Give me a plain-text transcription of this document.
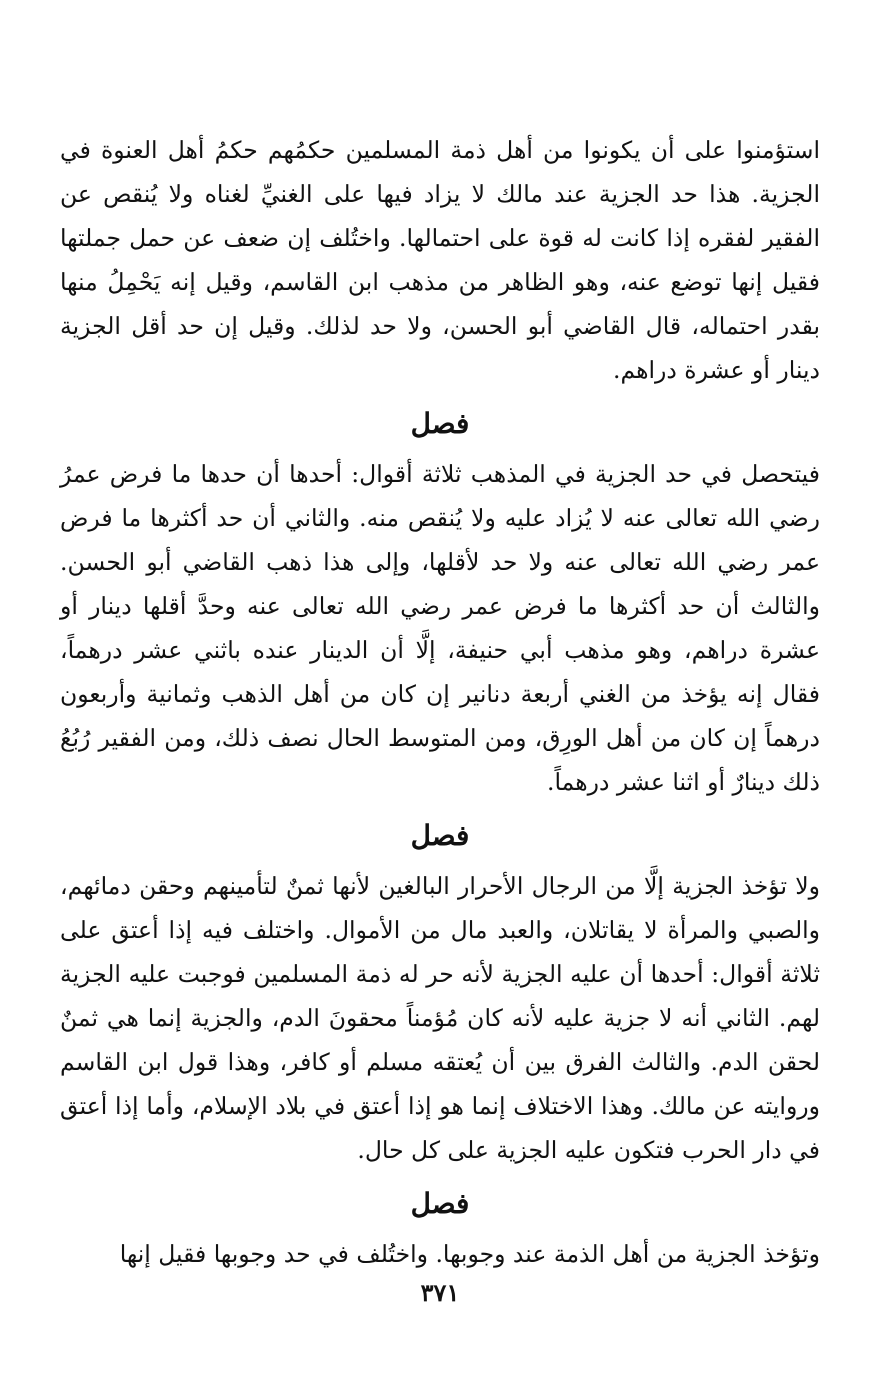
استؤمنوا على أن يكونوا من أهل ذمة المسلمين حكمُهم حكمُ أهل العنوة في الجزية. هذا حد الجزية عند مالك لا يزاد فيها على الغنيِّ لغناه ولا يُنقص عن الفقير لفقره إذا كانت له قوة على احتمالها. واختُلف إن ضعف عن حمل جملتها فقيل إنها توضع عنه، وهو الظاهر من مذهب ابن القاسم، وقيل إنه يَحْمِلُ منها بقدر احتماله، قال القاضي أبو الحسن، ولا حد لذلك. وقيل إن حد أقل الجزية دينار أو عشرة دراهم.

فصل

فيتحصل في حد الجزية في المذهب ثلاثة أقوال: أحدها أن حدها ما فرض عمرُ رضي الله تعالى عنه لا يُزاد عليه ولا يُنقص منه. والثاني أن حد أكثرها ما فرض عمر رضي الله تعالى عنه ولا حد لأقلها، وإلى هذا ذهب القاضي أبو الحسن. والثالث أن حد أكثرها ما فرض عمر رضي الله تعالى عنه وحدَّ أقلها دينار أو عشرة دراهم، وهو مذهب أبي حنيفة، إلَّا أن الدينار عنده باثني عشر درهماً، فقال إنه يؤخذ من الغني أربعة دنانير إن كان من أهل الذهب وثمانية وأربعون درهماً إن كان من أهل الورِق، ومن المتوسط الحال نصف ذلك، ومن الفقير رُبُعُ ذلك دينارٌ أو اثنا عشر درهماً.

فصل

ولا تؤخذ الجزية إلَّا من الرجال الأحرار البالغين لأنها ثمنٌ لتأمينهم وحقن دمائهم، والصبي والمرأة لا يقاتلان، والعبد مال من الأموال. واختلف فيه إذا أعتق على ثلاثة أقوال: أحدها أن عليه الجزية لأنه حر له ذمة المسلمين فوجبت عليه الجزية لهم. الثاني أنه لا جزية عليه لأنه كان مُؤمناً محقونَ الدم، والجزية إنما هي ثمنٌ لحقن الدم. والثالث الفرق بين أن يُعتقه مسلم أو كافر، وهذا قول ابن القاسم وروايته عن مالك. وهذا الاختلاف إنما هو إذا أعتق في بلاد الإسلام، وأما إذا أعتق في دار الحرب فتكون عليه الجزية على كل حال.

فصل

وتؤخذ الجزية من أهل الذمة عند وجوبها. واختُلف في حد وجوبها فقيل إنها

٣٧١
